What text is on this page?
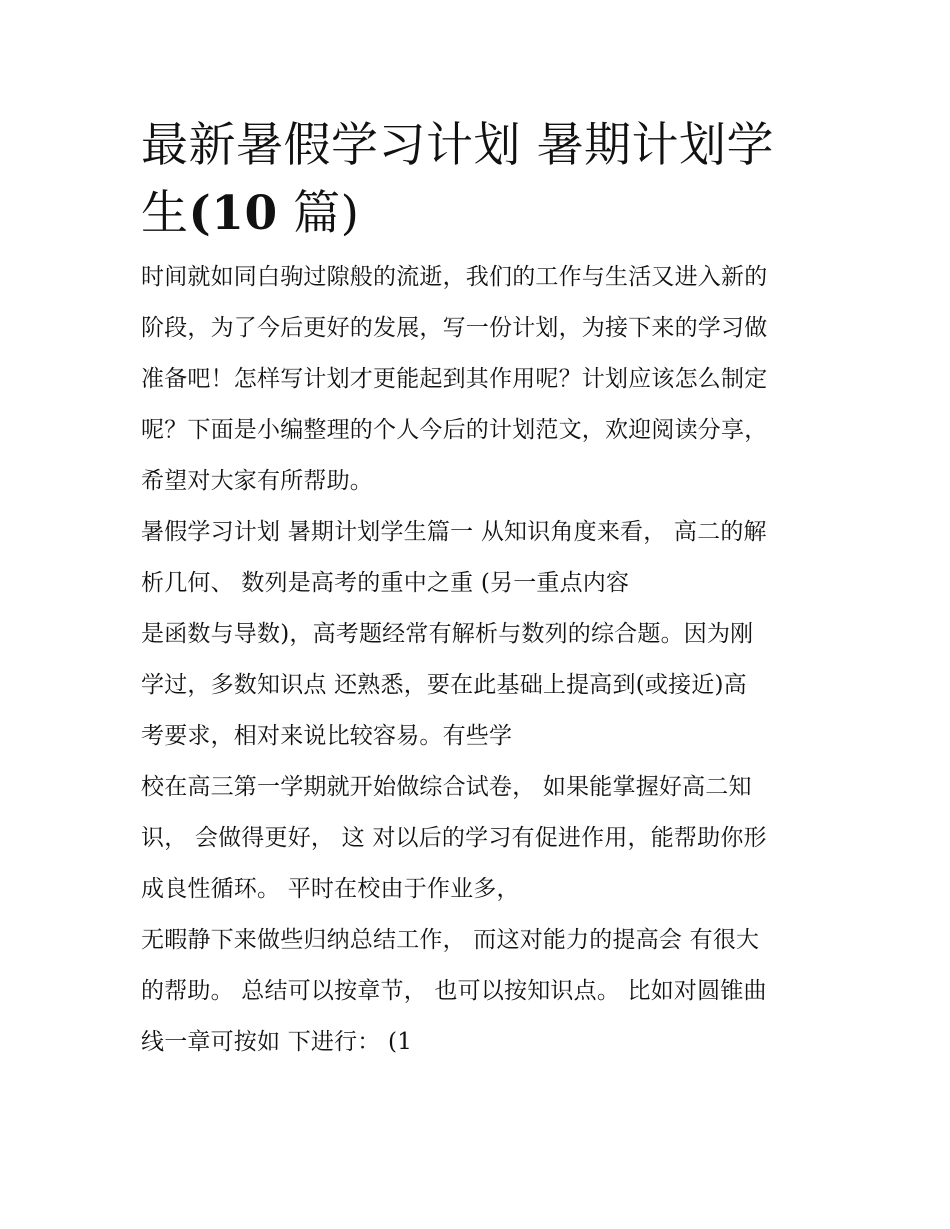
最新暑假学习计划 暑期计划学
生(10 篇)

时间就如同白驹过隙般的流逝，我们的工作与生活又进入新的
阶段，为了今后更好的发展，写一份计划，为接下来的学习做
准备吧！怎样写计划才更能起到其作用呢？计划应该怎么制定
呢？下面是小编整理的个人今后的计划范文，欢迎阅读分享，
希望对大家有所帮助。

暑假学习计划 暑期计划学生篇一 从知识角度来看， 高二的解
析几何、 数列是高考的重中之重 (另一重点内容

是函数与导数)，高考题经常有解析与数列的综合题。因为刚
学过，多数知识点 还熟悉，要在此基础上提高到(或接近)高
考要求，相对来说比较容易。有些学

校在高三第一学期就开始做综合试卷， 如果能掌握好高二知
识， 会做得更好， 这 对以后的学习有促进作用，能帮助你形
成良性循环。 平时在校由于作业多，

无暇静下来做些归纳总结工作， 而这对能力的提高会 有很大
的帮助。 总结可以按章节， 也可以按知识点。 比如对圆锥曲
线一章可按如 下进行： (1
